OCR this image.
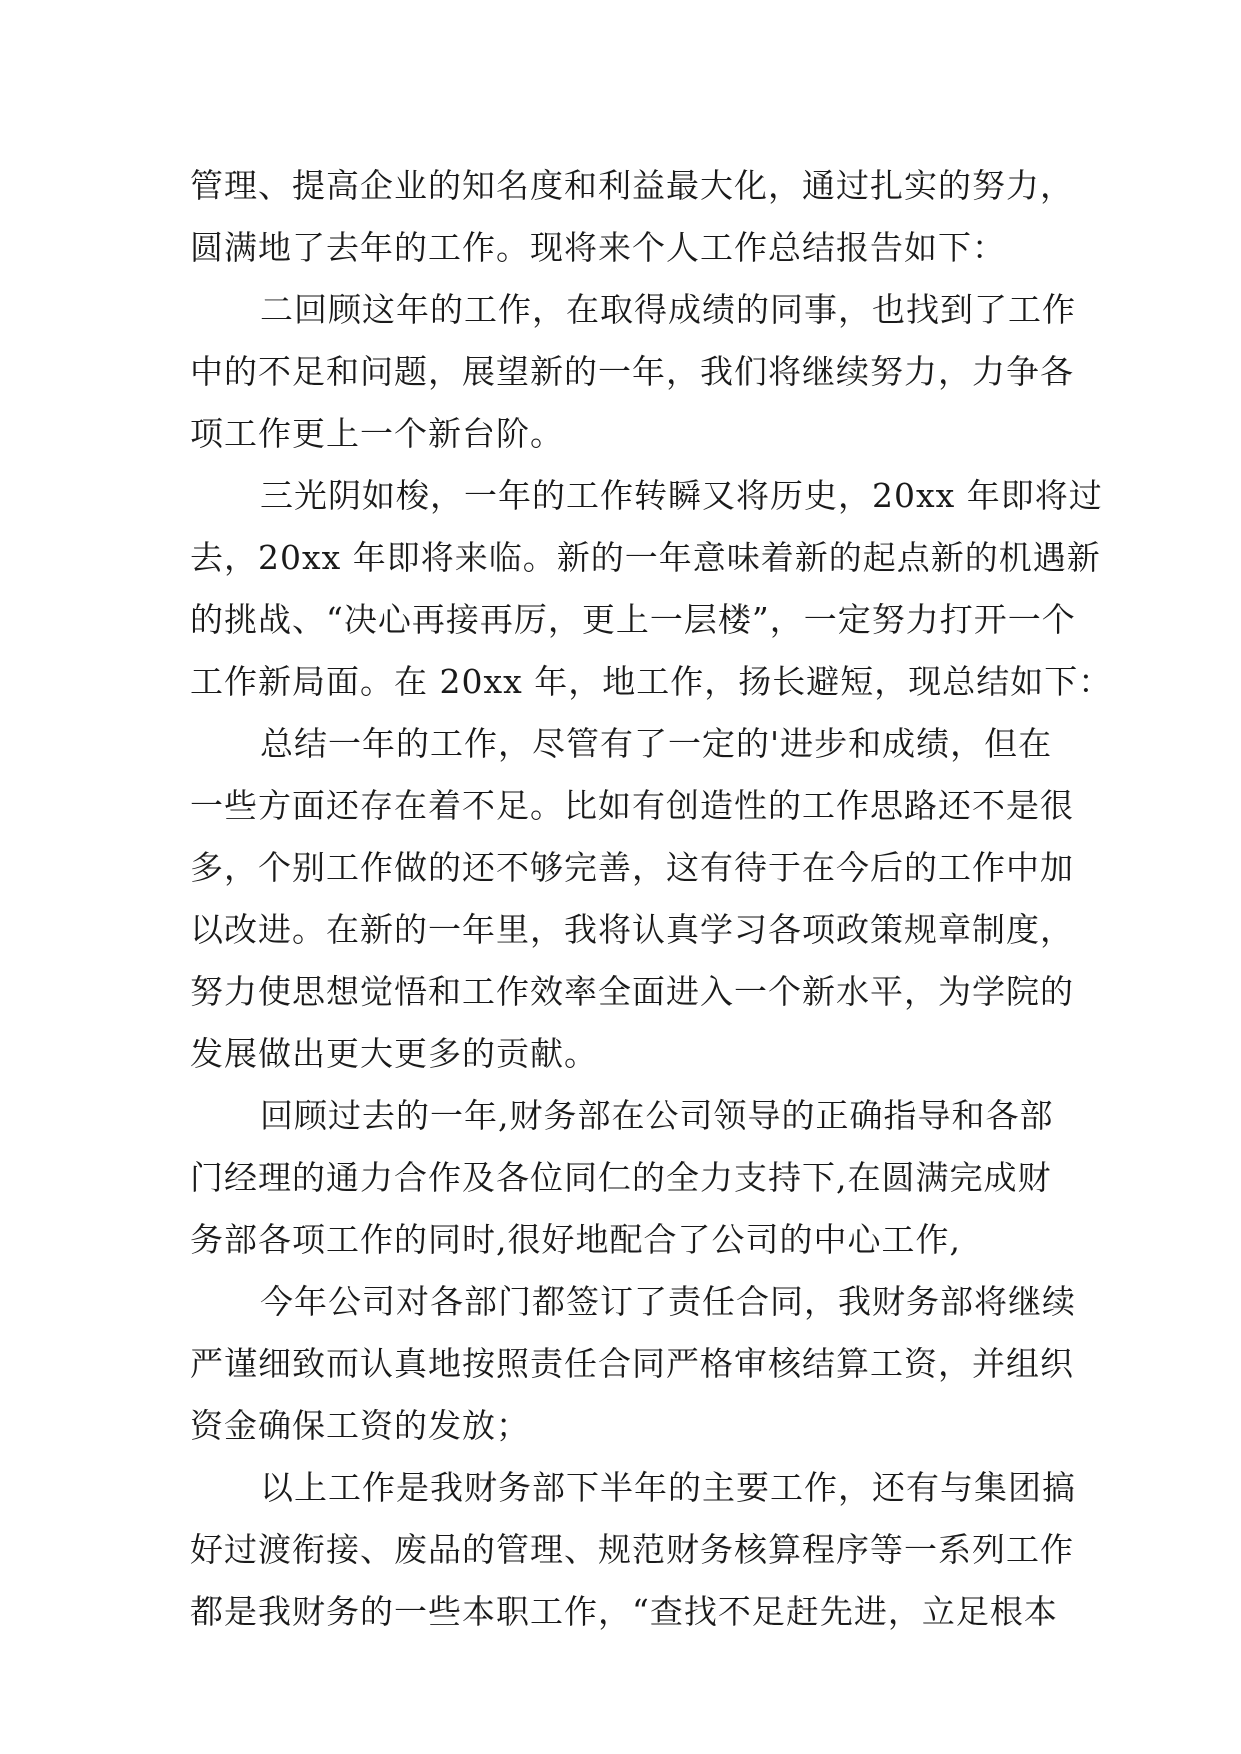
管理、提高企业的知名度和利益最大化，通过扎实的努力，
圆满地了去年的工作。现将来个人工作总结报告如下：
二回顾这年的工作，在取得成绩的同事，也找到了工作
中的不足和问题，展望新的一年，我们将继续努力，力争各
项工作更上一个新台阶。
三光阴如梭，一年的工作转瞬又将历史，20xx 年即将过
去，20xx 年即将来临。新的一年意味着新的起点新的机遇新
的挑战、“决心再接再厉，更上一层楼”，一定努力打开一个
工作新局面。在 20xx 年，地工作，扬长避短，现总结如下：
总结一年的工作，尽管有了一定的'进步和成绩，但在
一些方面还存在着不足。比如有创造性的工作思路还不是很
多，个别工作做的还不够完善，这有待于在今后的工作中加
以改进。在新的一年里，我将认真学习各项政策规章制度，
努力使思想觉悟和工作效率全面进入一个新水平，为学院的
发展做出更大更多的贡献。
回顾过去的一年,财务部在公司领导的正确指导和各部
门经理的通力合作及各位同仁的全力支持下,在圆满完成财
务部各项工作的同时,很好地配合了公司的中心工作,
今年公司对各部门都签订了责任合同，我财务部将继续
严谨细致而认真地按照责任合同严格审核结算工资，并组织
资金确保工资的发放；
以上工作是我财务部下半年的主要工作，还有与集团搞
好过渡衔接、废品的管理、规范财务核算程序等一系列工作
都是我财务的一些本职工作，“查找不足赶先进，立足根本
